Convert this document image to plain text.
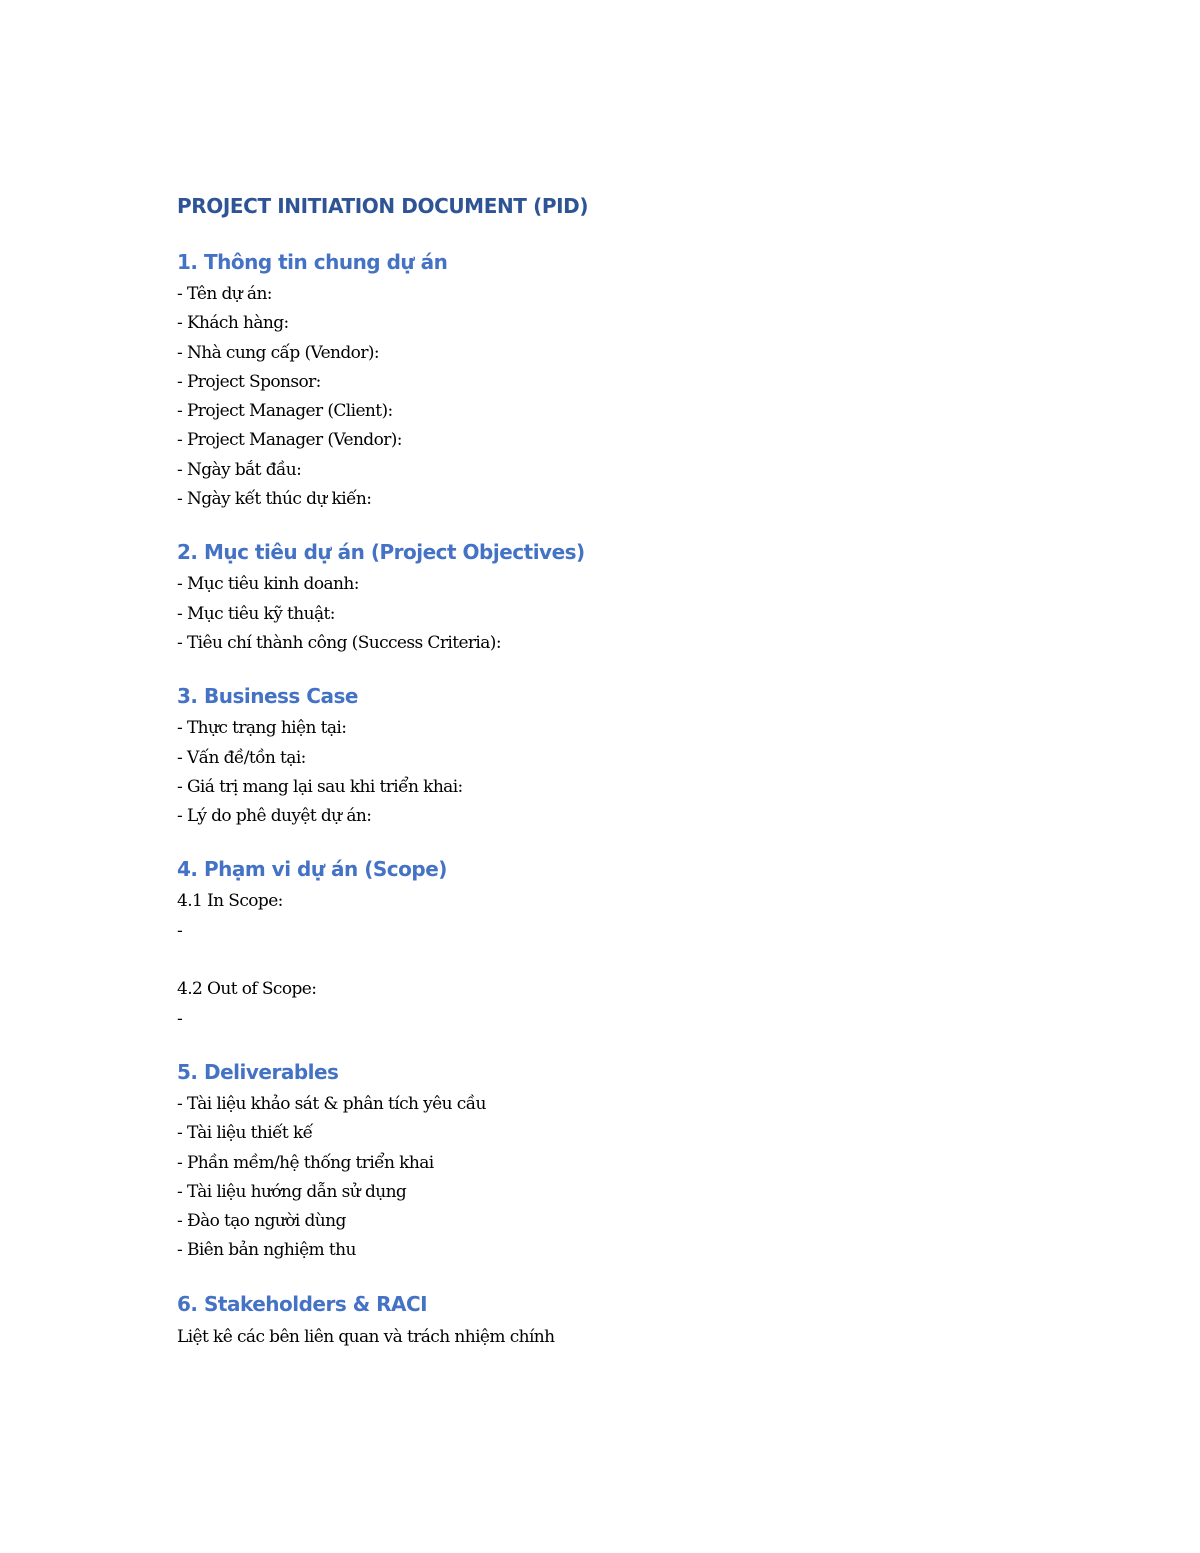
PROJECT INITIATION DOCUMENT (PID)
1. Thông tin chung dự án
- Tên dự án:
- Khách hàng:
- Nhà cung cấp (Vendor):
- Project Sponsor:
- Project Manager (Client):
- Project Manager (Vendor):
- Ngày bắt đầu:
- Ngày kết thúc dự kiến:
2. Mục tiêu dự án (Project Objectives)
- Mục tiêu kinh doanh:
- Mục tiêu kỹ thuật:
- Tiêu chí thành công (Success Criteria):
3. Business Case
- Thực trạng hiện tại:
- Vấn đề/tồn tại:
- Giá trị mang lại sau khi triển khai:
- Lý do phê duyệt dự án:
4. Phạm vi dự án (Scope)
4.1 In Scope:
-
4.2 Out of Scope:
-
5. Deliverables
- Tài liệu khảo sát & phân tích yêu cầu
- Tài liệu thiết kế
- Phần mềm/hệ thống triển khai
- Tài liệu hướng dẫn sử dụng
- Đào tạo người dùng
- Biên bản nghiệm thu
6. Stakeholders & RACI
Liệt kê các bên liên quan và trách nhiệm chính
